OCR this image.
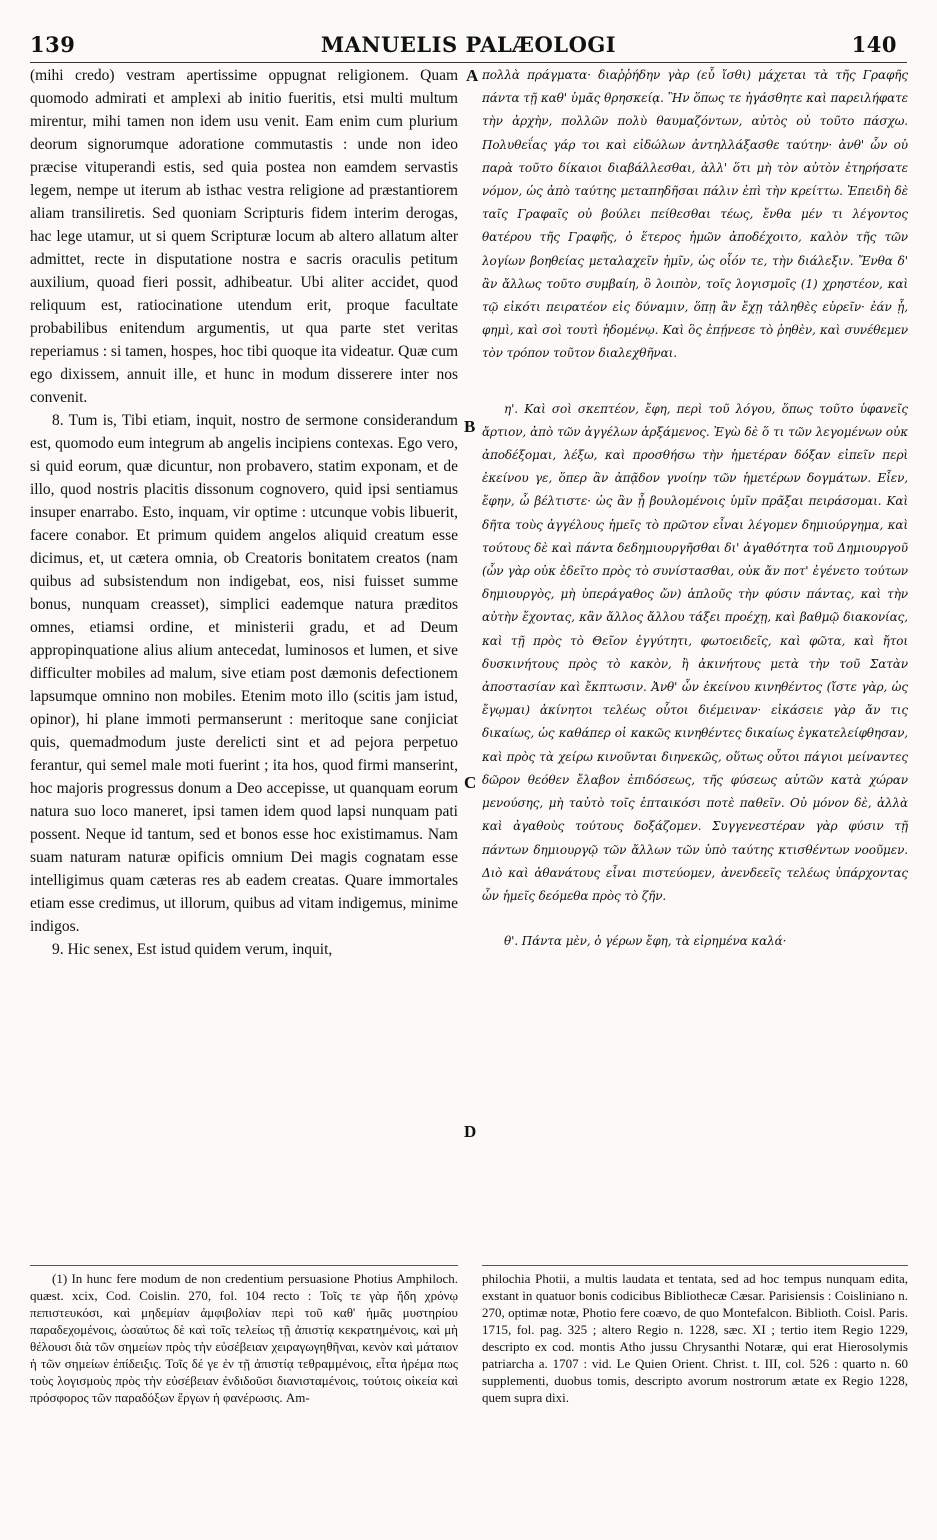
139	MANUELIS PALÆOLOGI	140

(mihi credo) vestram apertissime oppugnat religionem. Quam quomodo admirati et amplexi ab initio fueritis, etsi multi multum mirentur, mihi tamen non idem usu venit. Eam enim cum plurium deorum signorumque adoratione commutastis : unde non ideo præcise vituperandi estis, sed quia postea non eamdem servastis legem, nempe ut iterum ab isthac vestra religione ad præstantiorem aliam transiliretis. Sed quoniam Scripturis fidem interim derogas, hac lege utamur, ut si quem Scripturæ locum ab altero allatum alter admittet, recte in disputatione nostra e sacris oraculis petitum auxilium, quoad fieri possit, adhibeatur. Ubi aliter accidet, quod reliquum est, ratiocinatione utendum erit, proque facultate probabilibus enitendum argumentis, ut qua parte stet veritas reperiamus : si tamen, hospes, hoc tibi quoque ita videatur. Quæ cum ego dixissem, annuit ille, et hunc in modum disserere inter nos convenit.

8. Tum is, Tibi etiam, inquit, nostro de sermone considerandum est, quomodo eum integrum ab angelis incipiens contexas. Ego vero, si quid eorum, quæ dicuntur, non probavero, statim exponam, et de illo, quod nostris placitis dissonum cognovero, quid ipsi sentiamus insuper enarrabo. Esto, inquam, vir optime : utcunque vobis libuerit, facere conabor. Et primum quidem angelos aliquid creatum esse dicimus, et, ut cætera omnia, ob Creatoris bonitatem creatos (nam quibus ad subsistendum non indigebat, eos, nisi fuisset summe bonus, nunquam creasset), simplici eademque natura præditos omnes, etiamsi ordine, et ministerii gradu, et ad Deum appropinquatione alius alium antecedat, luminosos et lumen, et sive difficulter mobiles ad malum, sive etiam post dæmonis defectionem lapsumque omnino non mobiles. Etenim moto illo (scitis jam istud, opinor), hi plane immoti permanserunt : meritoque sane conjiciat quis, quemadmodum juste derelicti sint et ad pejora perpetuo ferantur, qui semel male moti fuerint ; ita hos, quod firmi manserint, hoc majoris progressus donum a Deo accepisse, ut quanquam eorum natura suo loco maneret, ipsi tamen idem quod lapsi nunquam pati possent. Neque id tantum, sed et bonos esse hoc existimamus. Nam suam naturam naturæ opificis omnium Dei magis cognatam esse intelligimus quam cæteras res ab eadem creatas. Quare immortales etiam esse credimus, ut illorum, quibus ad vitam indigemus, minime indigos.

9. Hic senex, Est istud quidem verum, inquit,

A
B
C
D

πολλὰ πράγματα· διαῤῥήδην γὰρ (εὖ ἴσθι) μάχεται τὰ τῆς Γραφῆς πάντα τῇ καθ' ὑμᾶς θρησκείᾳ. Ἣν ὅπως τε ἠγάσθητε καὶ παρειλήφατε τὴν ἀρχὴν, πολλῶν πολὺ θαυμαζόντων, αὐτὸς οὐ τοῦτο πάσχω. Πολυθεΐας γάρ τοι καὶ εἰδώλων ἀντηλλάξασθε ταύτην· ἀνθ' ὧν οὐ παρὰ τοῦτο δίκαιοι διαβάλλεσθαι, ἀλλ' ὅτι μὴ τὸν αὐτὸν ἐτηρήσατε νόμον, ὡς ἀπὸ ταύτης μεταπηδῆσαι πάλιν ἐπὶ τὴν κρείττω. Ἐπειδὴ δὲ ταῖς Γραφαῖς οὐ βούλει πείθεσθαι τέως, ἔνθα μέν τι λέγοντος θατέρου τῆς Γραφῆς, ὁ ἕτερος ἡμῶν ἀποδέχοιτο, καλὸν τῆς τῶν λογίων βοηθείας μεταλαχεῖν ἡμῖν, ὡς οἷόν τε, τὴν διάλεξιν. Ἔνθα δ' ἂν ἄλλως τοῦτο συμβαίη, ὃ λοιπὸν, τοῖς λογισμοῖς (1) χρηστέον, καὶ τῷ εἰκότι πειρατέον εἰς δύναμιν, ὅπῃ ἂν ἔχῃ τἀληθὲς εὑρεῖν· ἐάν ᾖ, φημὶ, καὶ σοὶ τουτὶ ἡδομένῳ. Καὶ ὃς ἐπῄνεσε τὸ ῥηθὲν, καὶ συνέθεμεν τὸν τρόπον τοῦτον διαλεχθῆναι.

η'. Καὶ σοὶ σκεπτέον, ἔφη, περὶ τοῦ λόγου, ὅπως τοῦτο ὑφανεῖς ἄρτιον, ἀπὸ τῶν ἀγγέλων ἀρξάμενος. Ἐγὼ δὲ ὅ τι τῶν λεγομένων οὐκ ἀποδέξομαι, λέξω, καὶ προσθήσω τὴν ἡμετέραν δόξαν εἰπεῖν περὶ ἐκείνου γε, ὅπερ ἂν ἀπᾷδον γνοίην τῶν ἡμετέρων δογμάτων. Εἶεν, ἔφην, ὦ βέλτιστε· ὡς ἂν ᾖ βουλομένοις ὑμῖν πρᾶξαι πειράσομαι. Καὶ δῆτα τοὺς ἀγγέλους ἡμεῖς τὸ πρῶτον εἶναι λέγομεν δημιούργημα, καὶ τούτους δὲ καὶ πάντα δεδημιουργῆσθαι δι' ἀγαθότητα τοῦ Δημιουργοῦ (ὧν γὰρ οὐκ ἐδεῖτο πρὸς τὸ συνίστασθαι, οὐκ ἄν ποτ' ἐγένετο τούτων δημιουργὸς, μὴ ὑπεράγαθος ὤν) ἁπλοῦς τὴν φύσιν πάντας, καὶ τὴν αὐτὴν ἔχοντας, κἂν ἄλλος ἄλλου τάξει προέχῃ, καὶ βαθμῷ διακονίας, καὶ τῇ πρὸς τὸ Θεῖον ἐγγύτητι, φωτοειδεῖς, καὶ φῶτα, καὶ ἤτοι δυσκινήτους πρὸς τὸ κακὸν, ἢ ἀκινήτους μετὰ τὴν τοῦ Σατὰν ἀποστασίαν καὶ ἔκπτωσιν. Ἀνθ' ὧν ἐκείνου κινηθέντος (ἴστε γὰρ, ὡς ἔγῳμαι) ἀκίνητοι τελέως οὗτοι διέμειναν· εἰκάσειε γὰρ ἄν τις δικαίως, ὡς καθάπερ οἱ κακῶς κινηθέντες δικαίως ἐγκατελείφθησαν, καὶ πρὸς τὰ χείρω κινοῦνται διηνεκῶς, οὕτως οὗτοι πάγιοι μείναντες δῶρον θεόθεν ἔλαβον ἐπιδόσεως, τῆς φύσεως αὐτῶν κατὰ χώραν μενούσης, μὴ ταὐτὸ τοῖς ἐπταικόσι ποτὲ παθεῖν. Οὐ μόνον δὲ, ἀλλὰ καὶ ἀγαθοὺς τούτους δοξάζομεν. Συγγενεστέραν γὰρ φύσιν τῇ πάντων δημιουργῷ τῶν ἄλλων τῶν ὑπὸ ταύτης κτισθέντων νοοῦμεν. Διὸ καὶ ἀθανάτους εἶναι πιστεύομεν, ἀνενδεεῖς τελέως ὑπάρχοντας ὧν ἡμεῖς δεόμεθα πρὸς τὸ ζῆν.

θ'. Πάντα μὲν, ὁ γέρων ἔφη, τὰ εἰρημένα καλά·

(1) In hunc fere modum de non credentium persuasione Photius Amphiloch. quæst. xcix, Cod. Coislin. 270, fol. 104 recto : Τοῖς τε γὰρ ἤδη χρόνῳ πεπιστευκόσι, καὶ μηδεμίαν ἀμφιβολίαν περὶ τοῦ καθ' ἡμᾶς μυστηρίου παραδεχομένοις, ὡσαύτως δὲ καὶ τοῖς τελείως τῇ ἀπιστίᾳ κεκρατημένοις, καὶ μὴ θέλουσι διὰ τῶν σημείων πρὸς τὴν εὐσέβειαν χειραγωγηθῆναι, κενὸν καὶ μάταιον ἡ τῶν σημείων ἐπίδειξις. Τοῖς δέ γε ἐν τῇ ἀπιστίᾳ τεθραμμένοις, εἶτα ἠρέμα πως τοὺς λογισμοὺς πρὸς τὴν εὐσέβειαν ἐνδιδοῦσι διανισταμένοις, τούτοις οἰκεία καὶ πρόσφορος τῶν παραδόξων ἔργων ἡ φανέρωσις. Am-

philochia Photii, a multis laudata et tentata, sed ad hoc tempus nunquam edita, exstant in quatuor bonis codicibus Bibliothecæ Cæsar. Parisiensis : Coisliniano n. 270, optimæ notæ, Photio fere coævo, de quo Montefalcon. Biblioth. Coisl. Paris. 1715, fol. pag. 325 ; altero Regio n. 1228, sæc. XI ; tertio item Regio 1229, descripto ex cod. montis Atho jussu Chrysanthi Notaræ, qui erat Hierosolymis patriarcha a. 1707 : vid. Le Quien Orient. Christ. t. III, col. 526 : quarto n. 60 supplementi, duobus tomis, descripto avorum nostrorum ætate ex Regio 1228, quem supra dixi.
